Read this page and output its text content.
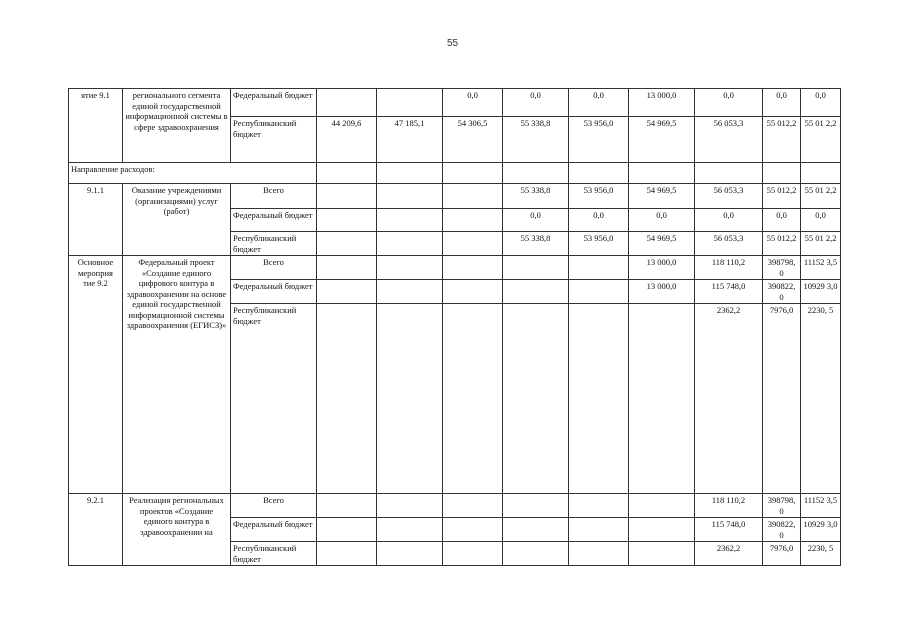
55
ятие 9.1	регионального сегмента единой государственной информационной системы в сфере здравоохранения	Федеральный бюджет			0,0	0,0	0,0	13 000,0	0,0	0,0	0,0
		Республиканский бюджет	44 209,6	47 185,1	54 306,5	55 338,8	53 956,0	54 969,5	56 053,3	55 012,2	55 01 2,2
Направление расходов:											
9.1.1	Оказание учреждениями (организациями) услуг (работ)	Всего				55 338,8	53 956,0	54 969,5	56 053,3	55 012,2	55 01 2,2
		Федеральный бюджет				0,0	0,0	0,0	0,0	0,0	0,0
		Республиканский бюджет				55 338,8	53 956,0	54 969,5	56 053,3	55 012,2	55 01 2,2
Основное мероприя тие 9.2	Федеральный проект «Создание единого цифрового контура в здравоохранении на основе единой государственной информационной системы здравоохранения (ЕГИСЗ)»	Всего						13 000,0	118 110,2	398798, 0	11152 3,5
		Федеральный бюджет						13 000,0	115 748,0	390822, 0	10929 3,0
		Республиканский бюджет							2362,2	7976,0	2230, 5
9.2.1	Реализация региональных проектов «Создание единого контура в здравоохранении на	Всего							118 110,2	398798, 0	11152 3,5
		Федеральный бюджет							115 748,0	390822, 0	10929 3,0
		Республиканский бюджет							2362,2	7976,0	2230, 5
